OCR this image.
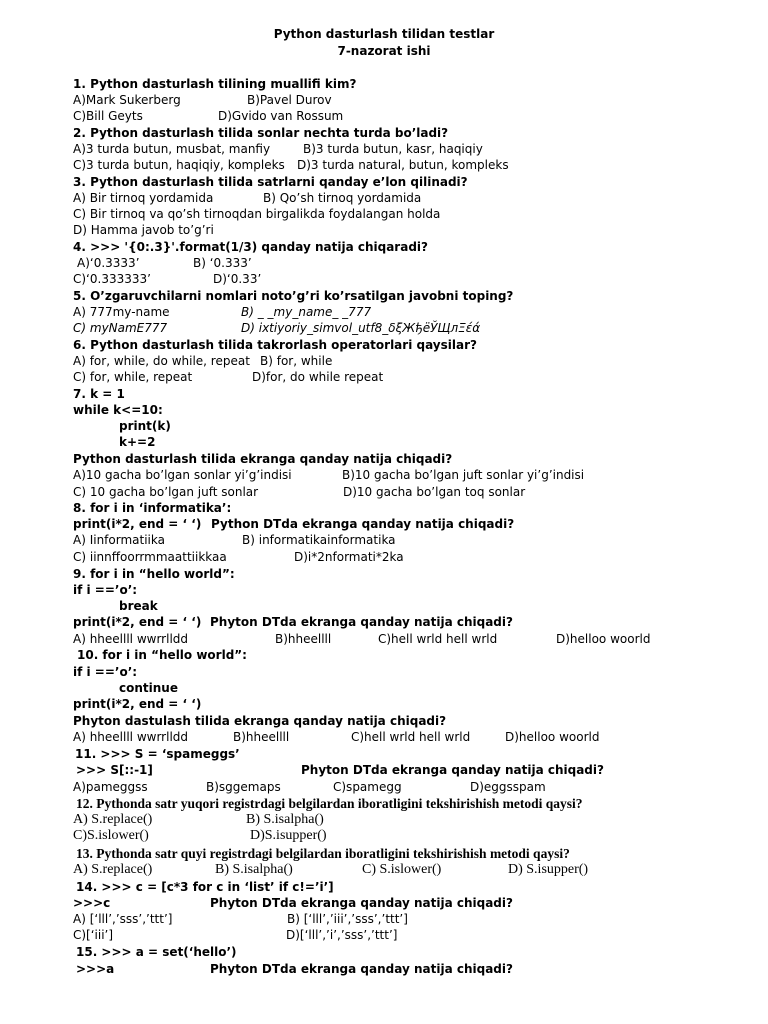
Python dasturlash tilidan testlar
7-nazorat ishi
1. Python dasturlash tilining muallifi kim?
A)Mark Sukerberg	B)Pavel Durov
C)Bill Geyts	D)Gvido van Rossum
2. Python dasturlash tilida sonlar nechta turda bo’ladi?
A)3 turda butun, musbat, manfiy	B)3 turda butun, kasr, haqiqiy
C)3 turda butun, haqiqiy, kompleks D)3 turda natural, butun, kompleks
3. Python dasturlash tilida satrlarni qanday e’lon qilinadi?
A) Bir tirnoq yordamida	B) Qo’sh tirnoq yordamida
C) Bir tirnoq va qo’sh tirnoqdan birgalikda foydalangan holda
D) Hamma javob to’g’ri
4. >>> '{0:.3}'.format(1/3) qanday natija chiqaradi?
A)‘0.3333’	B) ‘0.333’
C)‘0.333333’	D)‘0.33’
5. O’zgaruvchilarni nomlari noto’g’ri ko’rsatilgan javobni toping?
A) 777my-name	B) _ _my_name_ _777
C) myNamE777	D) ixtiyoriy_simvol_utf8_δξЖђёЎЩлΞέά
6. Python dasturlash tilida takrorlash operatorlari qaysilar?
A) for, while, do while, repeat B) for, while
C) for, while, repeat	D)for, do while repeat
7. k = 1
while k<=10:
print(k)
k+=2
Python dasturlash tilida ekranga qanday natija chiqadi?
A)10 gacha bo’lgan sonlar yi’g’indisi	B)10 gacha bo’lgan juft sonlar yi’g’indisi
C) 10 gacha bo’lgan juft sonlar	D)10 gacha bo’lgan toq sonlar
8. for i in ‘informatika’:
print(i*2, end = ‘ ‘) Python DTda ekranga qanday natija chiqadi?
A) Iinformatiika	B) informatikainformatika
C) iinnffoorrmmaattiikkaa	D)i*2nformati*2ka
9. for i in “hello world”:
if i ==’o’:
break
print(i*2, end = ‘ ‘) Phyton DTda ekranga qanday natija chiqadi?
A) hheellll wwrrlldd	B)hheellll	C)hell wrld hell wrld	D)helloo woorld
10. for i in “hello world”:
if i ==’o’:
continue
print(i*2, end = ‘ ‘)
Phyton dastulash tilida ekranga qanday natija chiqadi?
A) hheellll wwrrlldd	B)hheellll	C)hell wrld hell wrld	D)helloo woorld
11. >>> S = ‘spameggs’
>>> S[::-1]	Phyton DTda ekranga qanday natija chiqadi?
A)pameggss	B)sggemaps	C)spamegg	D)eggsspam
12. Pythonda satr yuqori registrdagi belgilardan iboratligini tekshirishish metodi qaysi?
A) S.replace()	B) S.isalpha()
C)S.islower()	D)S.isupper()
13. Pythonda satr quyi registrdagi belgilardan iboratligini tekshirishish metodi qaysi?
A) S.replace()	B) S.isalpha()	C) S.islower()	D) S.isupper()
14. >>> c = [c*3 for c in ‘list’ if c!=’i’]
>>>c	Phyton DTda ekranga qanday natija chiqadi?
A) [‘lll’,’sss’,’ttt’]	B) [‘lll’,’iii’,’sss’,’ttt’]
C)[‘iii’]	D)[‘lll’,’i’,’sss’,’ttt’]
15. >>> a = set(‘hello’)
>>>a	Phyton DTda ekranga qanday natija chiqadi?
